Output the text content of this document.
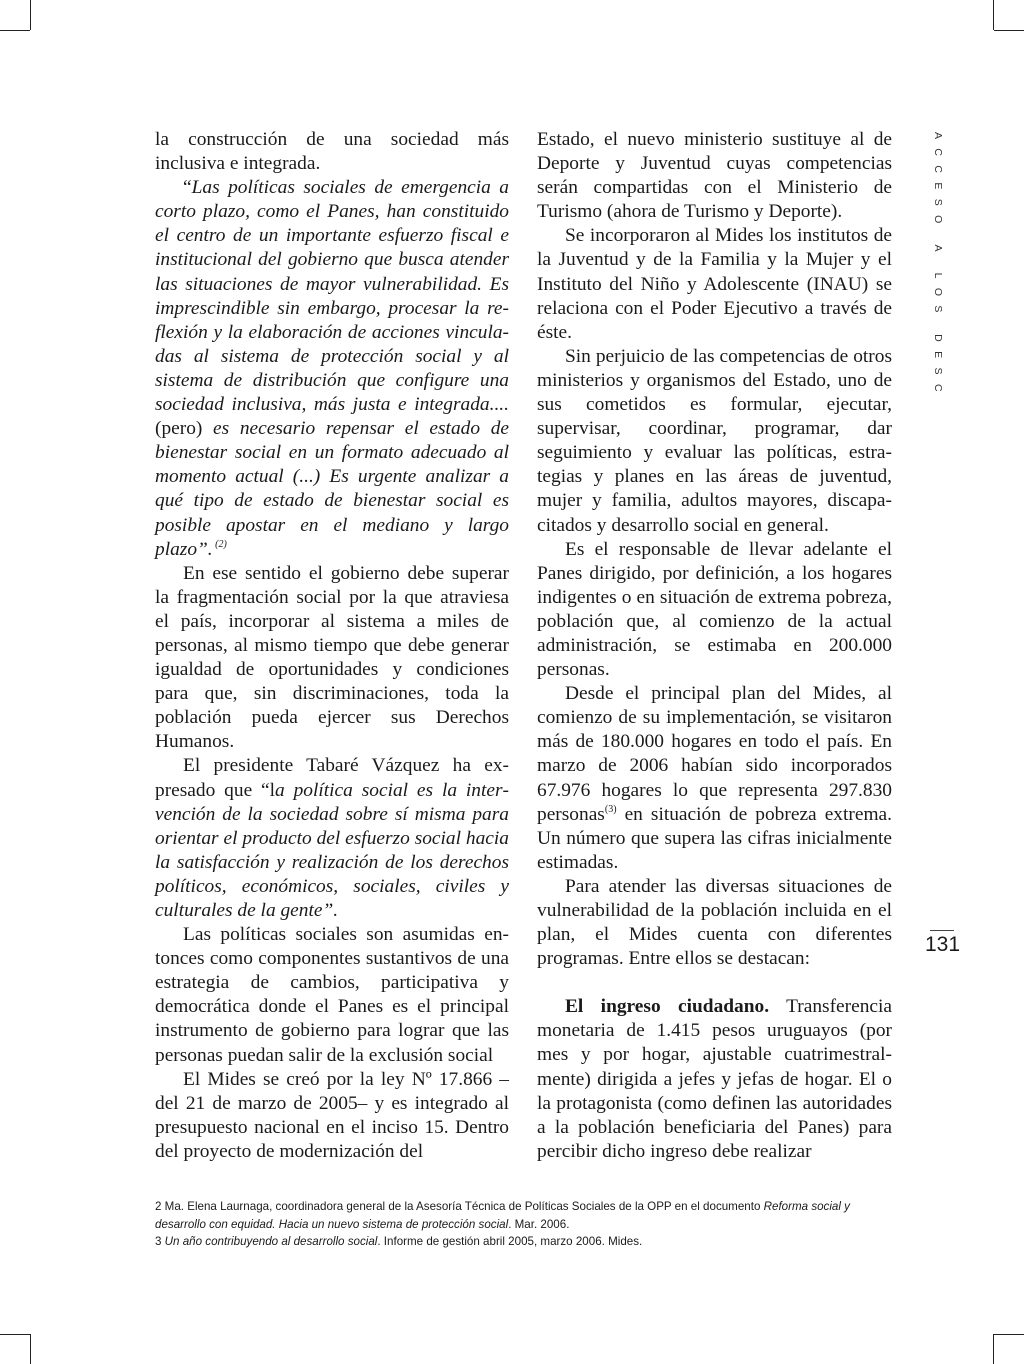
la construcción de una sociedad más inclusiva e integrada.

“Las políticas sociales de emergencia a corto plazo, como el Panes, han constituido el centro de un importante esfuerzo fiscal e institucional del gobierno que busca atender las situaciones de mayor vulnerabilidad. Es imprescindible sin embargo, procesar la reflexión y la elaboración de acciones vinculadas al sistema de protección social y al sistema de distribución que configure una sociedad inclusiva, más justa e integrada.... (pero) es necesario repensar el estado de bienestar social en un formato adecuado al momento actual (...) Es urgente analizar a qué tipo de estado de bienestar social es posible apostar en el mediano y largo plazo”. $^{(2)}$

En ese sentido el gobierno debe superar la fragmentación social por la que atraviesa el país, incorporar al sistema a miles de personas, al mismo tiempo que debe generar igualdad de oportunidades y condiciones para que, sin discriminaciones, toda la población pueda ejercer sus Derechos Humanos.

El presidente Tabaré Vázquez ha expresado que “la política social es la intervención de la sociedad sobre sí misma para orientar el producto del esfuerzo social hacia la satisfacción y realización de los derechos políticos, económicos, sociales, civiles y culturales de la gente”.

Las políticas sociales son asumidas entonces como componentes sustantivos de una estrategia de cambios, participativa y democrática donde el Panes es el principal instrumento de gobierno para lograr que las personas puedan salir de la exclusión social

El Mides se creó por la ley Nº 17.866 –del 21 de marzo de 2005– y es integrado al presupuesto nacional en el inciso 15. Dentro del proyecto de modernización del

Estado, el nuevo ministerio sustituye al de Deporte y Juventud cuyas competencias serán compartidas con el Ministerio de Turismo (ahora de Turismo y Deporte).

Se incorporaron al Mides los institutos de la Juventud y de la Familia y la Mujer y el Instituto del Niño y Adolescente (INAU) se relaciona con el Poder Ejecutivo a través de éste.

Sin perjuicio de las competencias de otros ministerios y organismos del Estado, uno de sus cometidos es formular, ejecutar, supervisar, coordinar, programar, dar seguimiento y evaluar las políticas, estrategias y planes en las áreas de juventud, mujer y familia, adultos mayores, discapacitados y desarrollo social en general.

Es el responsable de llevar adelante el Panes dirigido, por definición, a los hogares indigentes o en situación de extrema pobreza, población que, al comienzo de la actual administración, se estimaba en 200.000 personas.

Desde el principal plan del Mides, al comienzo de su implementación, se visitaron más de 180.000 hogares en todo el país. En marzo de 2006 habían sido incorporados 67.976 hogares lo que representa 297.830 personas$^{(3)}$ en situación de pobreza extrema. Un número que supera las cifras inicialmente estimadas.

Para atender las diversas situaciones de vulnerabilidad de la población incluida en el plan, el Mides cuenta con diferentes programas. Entre ellos se destacan:

El ingreso ciudadano. Transferencia monetaria de 1.415 pesos uruguayos (por mes y por hogar, ajustable cuatrimestralmente) dirigida a jefes y jefas de hogar. El o la protagonista (como definen las autoridades a la población beneficiaria del Panes) para percibir dicho ingreso debe realizar

ACCESO A LOS DESC
131

2 Ma. Elena Laurnaga, coordinadora general de la Asesoría Técnica de Políticas Sociales de la OPP en el documento Reforma social y desarrollo con equidad. Hacia un nuevo sistema de protección social. Mar. 2006.

3 Un año contribuyendo al desarrollo social. Informe de gestión abril 2005, marzo 2006. Mides.
